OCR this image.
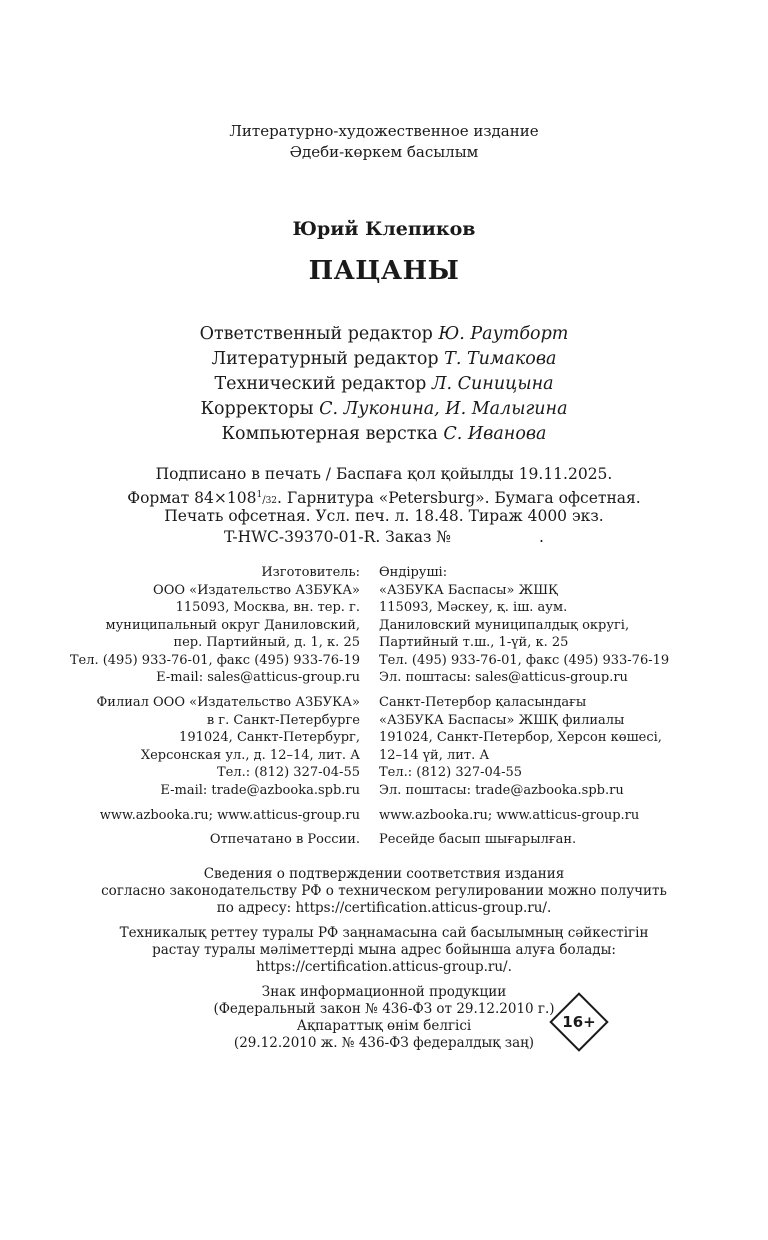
Литературно-художественное издание
Әдеби-көркем басылым
Юрий Клепиков
ПАЦАНЫ
Ответственный редактор Ю. Раутборт
Литературный редактор Т. Тимакова
Технический редактор Л. Синицына
Корректоры С. Луконина, И. Малыгина
Компьютерная верстка С. Иванова
Подписано в печать / Баспаға қол қойылды 19.11.2025.
Формат $84\times 108^1/32$. Гарнитура «Petersburg». Бумага офсетная.
Печать офсетная. Усл. печ. л. 18.48. Тираж 4000 экз.
T-HWC-39370-01-R. Заказ №	.
Изготовитель:
ООО «Издательство АЗБУКА»
115093, Москва, вн. тер. г.
муниципальный округ Даниловский,
пер. Партийный, д. 1, к. 25
Тел. (495) 933-76-01, факс (495) 933-76-19
E-mail: sales@atticus-group.ru
Өндіруші:
«АЗБУКА Баспасы» ЖШҚ
115093, Мәскеу, қ. іш. аум.
Даниловский муниципалдық округі,
Партийный т.ш., 1-үй, к. 25
Тел. (495) 933-76-01, факс (495) 933-76-19
Эл. поштасы: sales@atticus-group.ru
Филиал ООО «Издательство АЗБУКА»
в г. Санкт-Петербурге
191024, Санкт-Петербург,
Херсонская ул., д. 12–14, лит. А
Тел.: (812) 327-04-55
E-mail: trade@azbooka.spb.ru
Санкт-Петербор қаласындағы
«АЗБУКА Баспасы» ЖШҚ филиалы
191024, Санкт-Петербор, Херсон көшесі,
12–14 үй, лит. А
Тел.: (812) 327-04-55
Эл. поштасы: trade@azbooka.spb.ru
www.azbooka.ru; www.atticus-group.ru www.azbooka.ru; www.atticus-group.ru
Отпечатано в России. Ресейде басып шығарылған.
Сведения о подтверждении соответствия издания
согласно законодательству РФ о техническом регулировании можно получить
по адресу: https://certification.atticus-group.ru/.
Техникалық реттеу туралы РФ заңнамасына сай басылымның сәйкестігін
растау туралы мәліметтерді мына адрес бойынша алуға болады:
https://certification.atticus-group.ru/.
Знак информационной продукции
(Федеральный закон № 436-ФЗ от 29.12.2010 г.)
Ақпараттық өнім белгісі
(29.12.2010 ж. № 436-ФЗ федералдық заң)
16+
